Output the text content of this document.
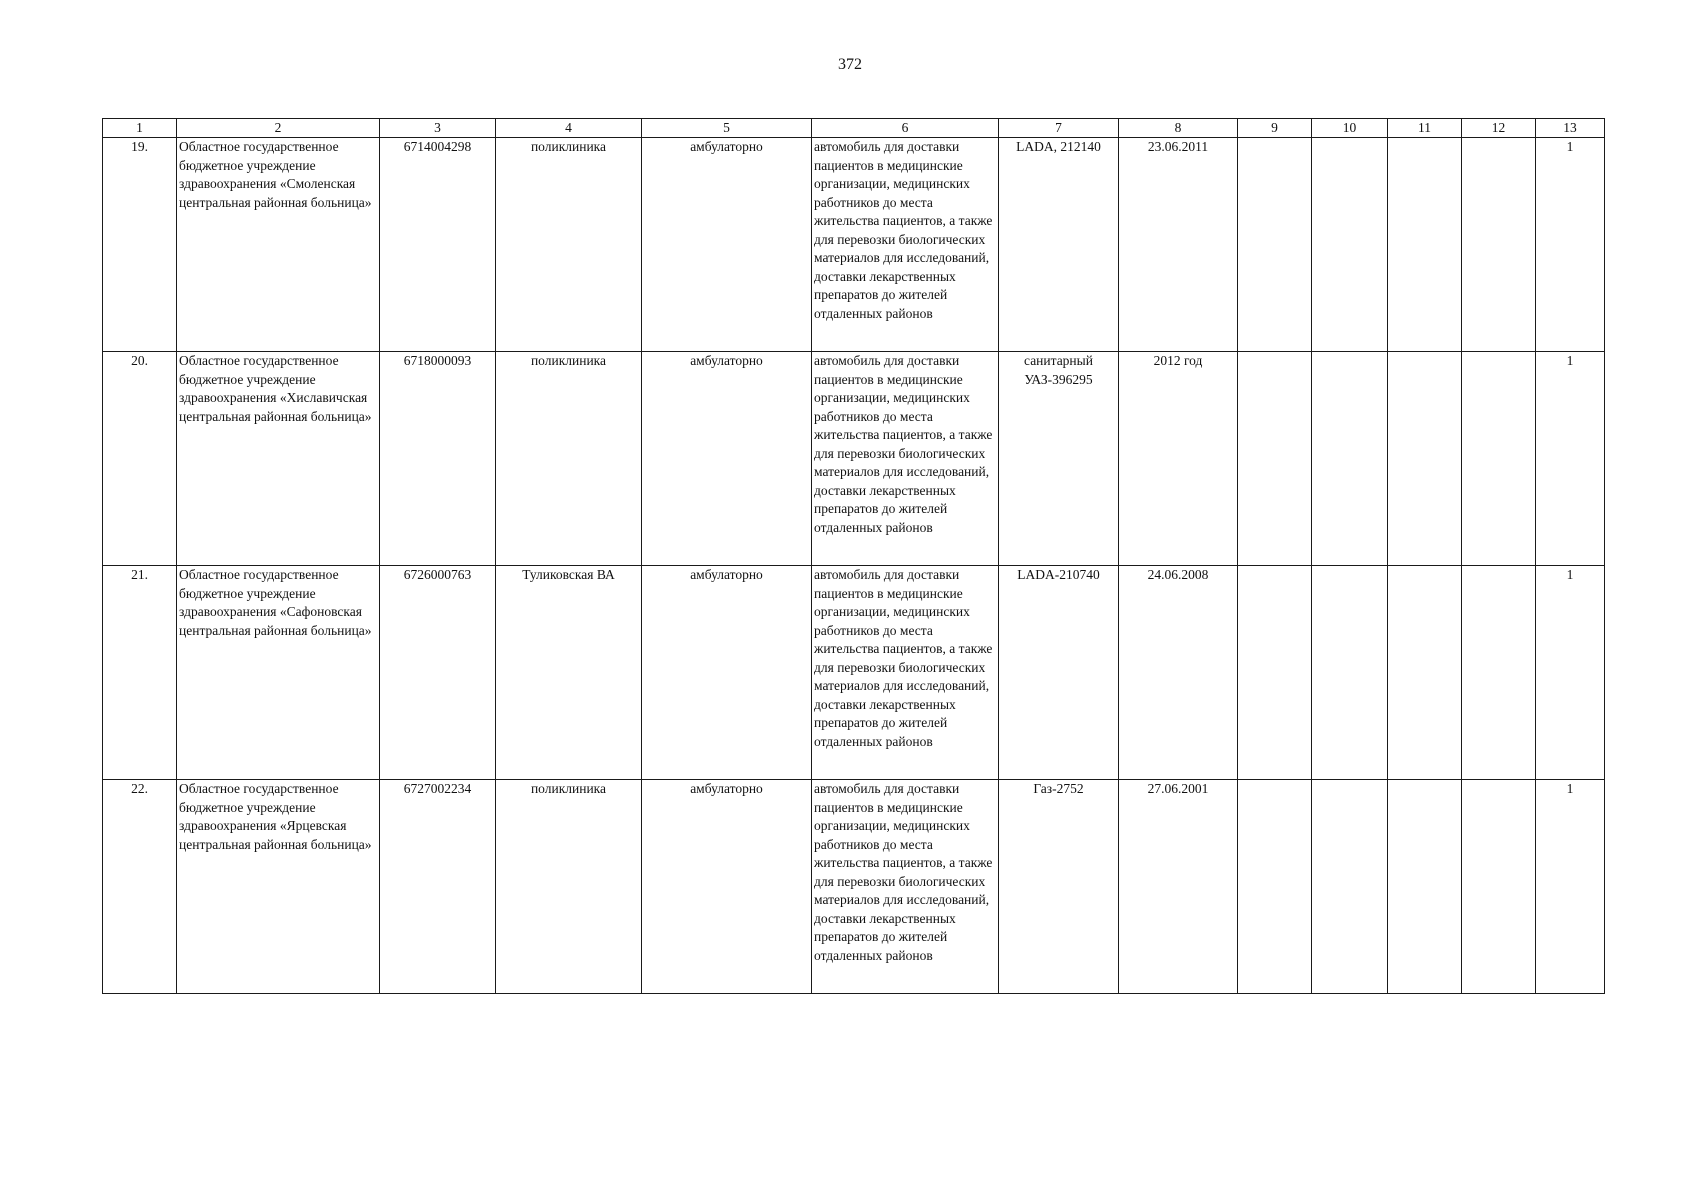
372
1	2	3	4	5	6	7	8	9	10	11	12	13
19.	Областное государственное бюджетное учреждение здравоохранения «Смоленская центральная районная больница»	6714004298	поликлиника	амбулаторно	автомобиль для доставки пациентов в медицинские организации, медицинских работников до места жительства пациентов, а также для перевозки биологических материалов для исследований, доставки лекарственных препаратов до жителей отдаленных районов	LADA, 212140	23.06.2011					1
20.	Областное государственное бюджетное учреждение здравоохранения «Хиславичская центральная районная больница»	6718000093	поликлиника	амбулаторно	автомобиль для доставки пациентов в медицинские организации, медицинских работников до места жительства пациентов, а также для перевозки биологических материалов для исследований, доставки лекарственных препаратов до жителей отдаленных районов	санитарный УАЗ-396295	2012 год					1
21.	Областное государственное бюджетное учреждение здравоохранения «Сафоновская центральная районная больница»	6726000763	Туликовская ВА	амбулаторно	автомобиль для доставки пациентов в медицинские организации, медицинских работников до места жительства пациентов, а также для перевозки биологических материалов для исследований, доставки лекарственных препаратов до жителей отдаленных районов	LADA-210740	24.06.2008					1
22.	Областное государственное бюджетное учреждение здравоохранения «Ярцевская центральная районная больница»	6727002234	поликлиника	амбулаторно	автомобиль для доставки пациентов в медицинские организации, медицинских работников до места жительства пациентов, а также для перевозки биологических материалов для исследований, доставки лекарственных препаратов до жителей отдаленных районов	Газ-2752	27.06.2001					1
